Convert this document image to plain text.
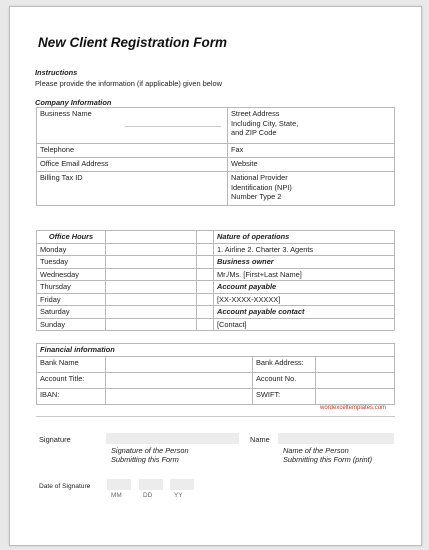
New Client Registration Form
Instructions
Please provide the information (if applicable) given below
Company Information
Business Name	Street Address
Including City, State,
and ZIP Code

Telephone	Fax
Office Email Address	Website
Billing Tax ID	National Provider
Identification (NPI)
Number Type 2
Office Hours			Nature of operations
Monday			1. Airline 2. Charter 3. Agents
Tuesday			Business owner
Wednesday			Mr./Ms. [First+Last Name]
Thursday			Account payable
Friday			[XX-XXXX-XXXXX]
Saturday			Account payable contact
Sunday			[Contact]
Financial information		
Bank Name		Bank Address:

Account Title:		Account No.

IBAN:		SWIFT:
wordexceltemplates.com
Signature
Signature of the Person
Submitting this Form
Name
Name of the Person
Submitting this Form (print)
Date of Signature
MM	DD	YY
